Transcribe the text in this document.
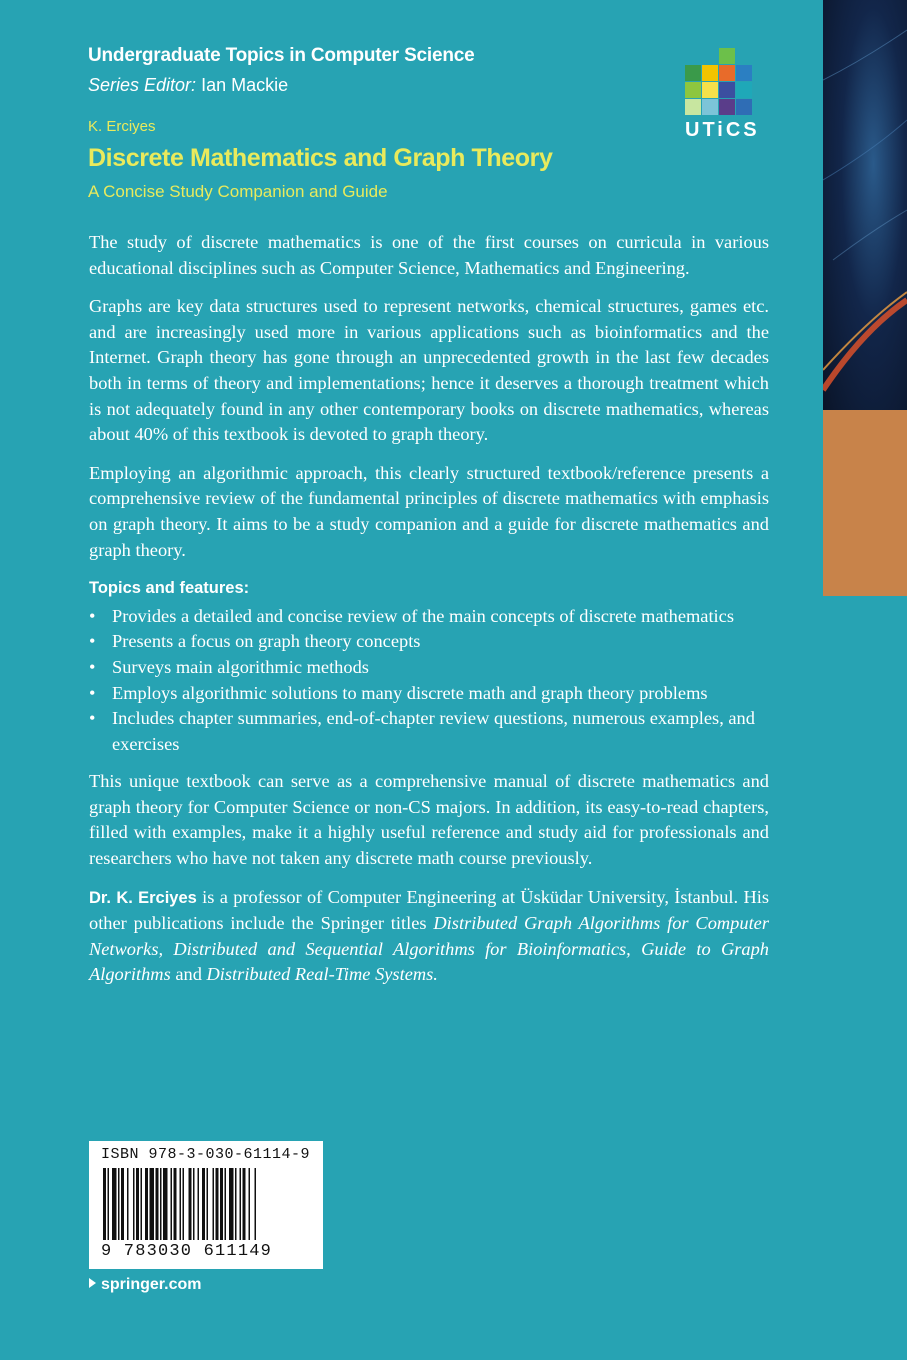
Undergraduate Topics in Computer Science
Series Editor: Ian Mackie
UTiCS
K. Erciyes
Discrete Mathematics and Graph Theory
A Concise Study Companion and Guide

The study of discrete mathematics is one of the first courses on curricula in various educational disciplines such as Computer Science, Mathematics and Engineering.

Graphs are key data structures used to represent networks, chemical structures, games etc. and are increasingly used more in various applications such as bioinformatics and the Internet. Graph theory has gone through an unprecedented growth in the last few decades both in terms of theory and implementations; hence it deserves a thorough treatment which is not adequately found in any other contemporary books on discrete mathematics, whereas about 40% of this textbook is devoted to graph theory.

Employing an algorithmic approach, this clearly structured textbook/reference presents a comprehensive review of the fundamental principles of discrete mathematics with emphasis on graph theory. It aims to be a study companion and a guide for discrete mathematics and graph theory.

Topics and features:
• Provides a detailed and concise review of the main concepts of discrete mathematics
• Presents a focus on graph theory concepts
• Surveys main algorithmic methods
• Employs algorithmic solutions to many discrete math and graph theory problems
• Includes chapter summaries, end-of-chapter review questions, numerous examples, and exercises

This unique textbook can serve as a comprehensive manual of discrete mathematics and graph theory for Computer Science or non-CS majors. In addition, its easy-to-read chapters, filled with examples, make it a highly useful reference and study aid for professionals and researchers who have not taken any discrete math course previously.

Dr. K. Erciyes is a professor of Computer Engineering at Üsküdar University, İstanbul. His other publications include the Springer titles Distributed Graph Algorithms for Computer Networks, Distributed and Sequential Algorithms for Bioinformatics, Guide to Graph Algorithms and Distributed Real-Time Systems.

ISBN 978-3-030-61114-9
9 783030 611149
springer.com
